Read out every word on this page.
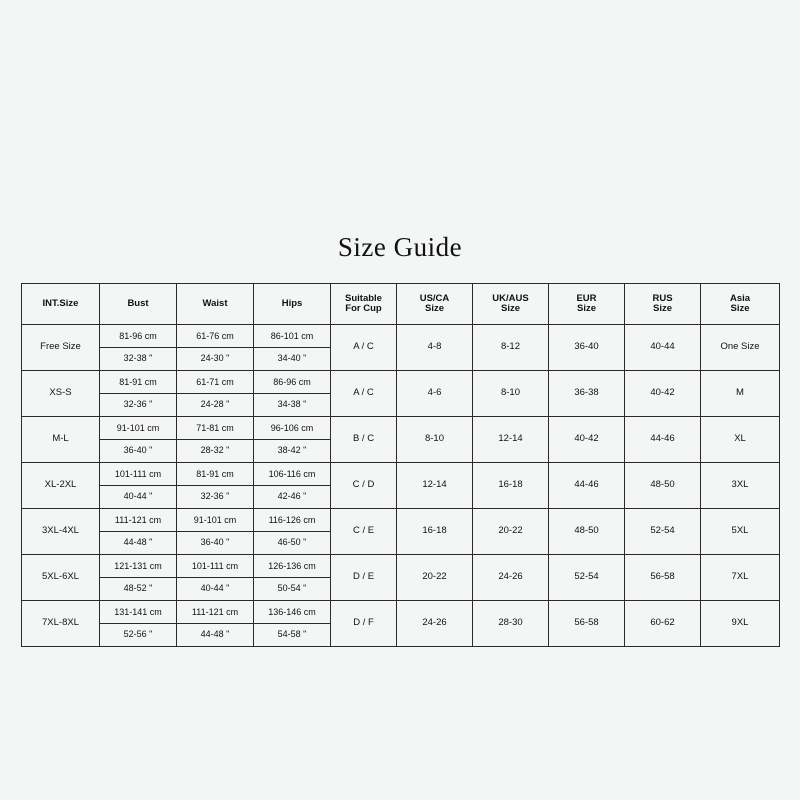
Size Guide
INT.Size	Bust	Waist	Hips	Suitable
For Cup	US/CA
Size	UK/AUS
Size	EUR
Size	RUS
Size	Asia
Size

Free Size	81-96 cm
32-38 "	61-76 cm
24-30 "	86-101 cm
34-40 "	A / C	4-8	8-12	36-40	40-44	One Size
XS-S	81-91 cm
32-36 "	61-71 cm
24-28 "	86-96 cm
34-38 "	A / C	4-6	8-10	36-38	40-42	M
M-L	91-101 cm
36-40 "	71-81 cm
28-32 "	96-106 cm
38-42 "	B / C	8-10	12-14	40-42	44-46	XL
XL-2XL	101-111 cm
40-44 "	81-91 cm
32-36 "	106-116 cm
42-46 "	C / D	12-14	16-18	44-46	48-50	3XL
3XL-4XL	111-121 cm
44-48 "	91-101 cm
36-40 "	116-126 cm
46-50 "	C / E	16-18	20-22	48-50	52-54	5XL
5XL-6XL	121-131 cm
48-52 "	101-111 cm
40-44 "	126-136 cm
50-54 "	D / E	20-22	24-26	52-54	56-58	7XL
7XL-8XL	131-141 cm
52-56 "	111-121 cm
44-48 "	136-146 cm
54-58 "	D / F	24-26	28-30	56-58	60-62	9XL
